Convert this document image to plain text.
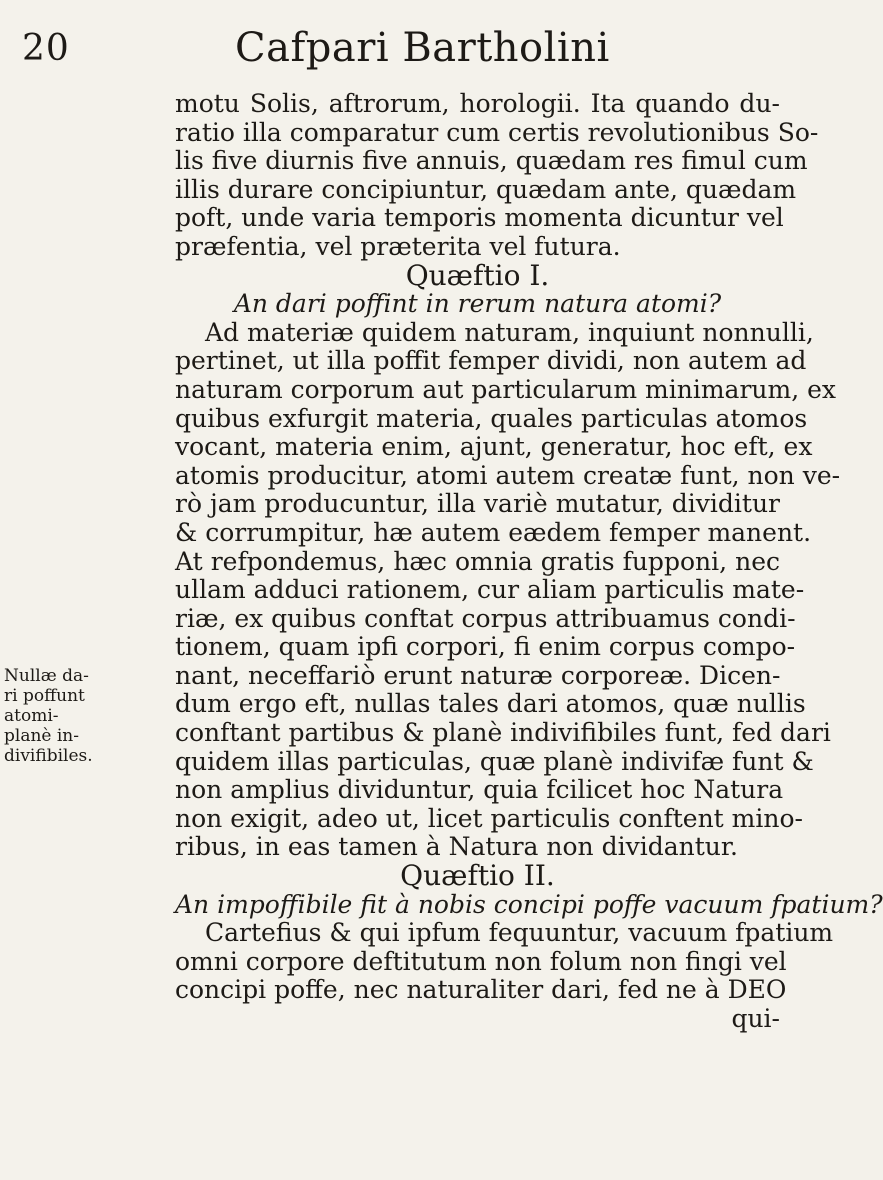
20	Cafpari Bartholini
Nullæ da-
ri poffunt
atomi-
planè in-
divifibiles.
motu Solis, aftrorum, horologii. Ita quando du-
ratio illa comparatur cum certis revolutionibus So-
lis five diurnis five annuis, quædam res fimul cum
illis durare concipiuntur, quædam ante, quædam
poft, unde varia temporis momenta dicuntur vel
præfentia, vel præterita vel futura.
Quæftio I.
An dari poffint in rerum natura atomi?
Ad materiæ quidem naturam, inquiunt nonnulli,
pertinet, ut illa poffit femper dividi, non autem ad
naturam corporum aut particularum minimarum, ex
quibus exfurgit materia, quales particulas atomos
vocant, materia enim, ajunt, generatur, hoc eft, ex
atomis producitur, atomi autem creatæ funt, non ve-
rò jam producuntur, illa variè mutatur, dividitur
& corrumpitur, hæ autem eædem femper manent.
At refpondemus, hæc omnia gratis fupponi, nec
ullam adduci rationem, cur aliam particulis mate-
riæ, ex quibus conftat corpus attribuamus condi-
tionem, quam ipfi corpori, fi enim corpus compo-
nant, neceffariò erunt naturæ corporeæ. Dicen-
dum ergo eft, nullas tales dari atomos, quæ nullis
conftant partibus & planè indivifibiles funt, fed dari
quidem illas particulas, quæ planè indivifæ funt &
non amplius dividuntur, quia fcilicet hoc Natura
non exigit, adeo ut, licet particulis conftent mino-
ribus, in eas tamen à Natura non dividantur.
Quæftio II.
An impoffibile fit à nobis concipi poffe vacuum fpatium?
Cartefius & qui ipfum fequuntur, vacuum fpatium
omni corpore deftitutum non folum non fingi vel
concipi poffe, nec naturaliter dari, fed ne à DEO
qui-
